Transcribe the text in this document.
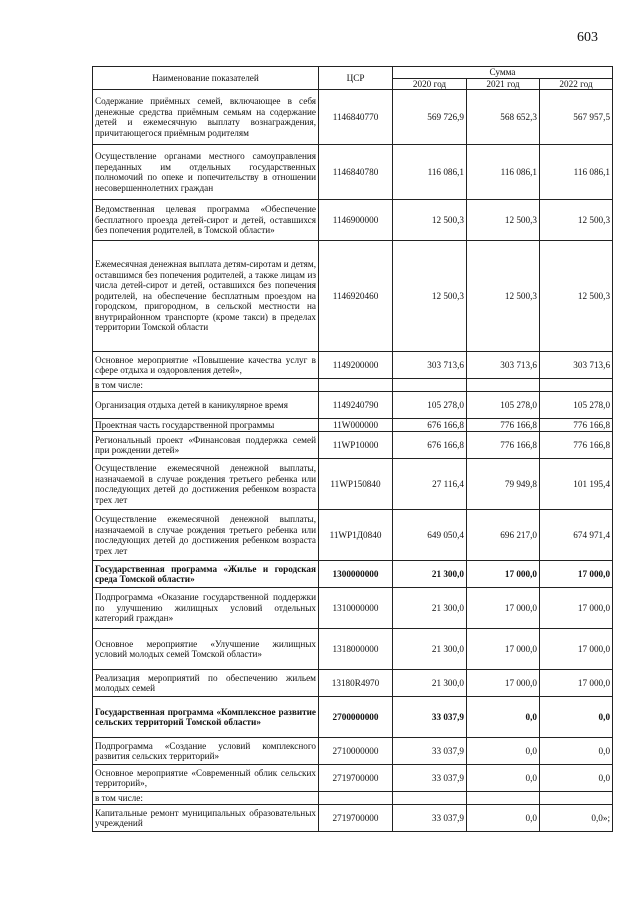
603
Наименование показателей	ЦСР	Сумма		
		2020 год	2021 год	2022 год
Содержание приёмных семей, включающее в себя денежные средства приёмным семьям на содержание детей и ежемесячную выплату вознаграждения, причитающегося приёмным родителям	1146840770	569 726,9	568 652,3	567 957,5
Осуществление органами местного самоуправления переданных им отдельных государственных полномочий по опеке и попечительству в отношении несовершеннолетних граждан	1146840780	116 086,1	116 086,1	116 086,1
Ведомственная целевая программа «Обеспечение бесплатного проезда детей-сирот и детей, оставшихся без попечения родителей, в Томской области»	1146900000	12 500,3	12 500,3	12 500,3
Ежемесячная денежная выплата детям-сиротам и детям, оставшимся без попечения родителей, а также лицам из числа детей-сирот и детей, оставшихся без попечения родителей, на обеспечение бесплатным проездом на городском, пригородном, в сельской местности на внутрирайонном транспорте (кроме такси) в пределах территории Томской области	1146920460	12 500,3	12 500,3	12 500,3
Основное мероприятие «Повышение качества услуг в сфере отдыха и оздоровления детей»,	1149200000	303 713,6	303 713,6	303 713,6
в том числе:				
Организация отдыха детей в каникулярное время	1149240790	105 278,0	105 278,0	105 278,0
Проектная часть государственной программы	11W000000	676 166,8	776 166,8	776 166,8
Региональный проект «Финансовая поддержка семей при рождении детей»	11WP10000	676 166,8	776 166,8	776 166,8
Осуществление ежемесячной денежной выплаты, назначаемой в случае рождения третьего ребенка или последующих детей до достижения ребенком возраста трех лет	11WP150840	27 116,4	79 949,8	101 195,4
Осуществление ежемесячной денежной выплаты, назначаемой в случае рождения третьего ребенка или последующих детей до достижения ребенком возраста трех лет	11WP1Д0840	649 050,4	696 217,0	674 971,4
Государственная программа «Жилье и городская среда Томской области»	1300000000	21 300,0	17 000,0	17 000,0
Подпрограмма «Оказание государственной поддержки по улучшению жилищных условий отдельных категорий граждан»	1310000000	21 300,0	17 000,0	17 000,0
Основное мероприятие «Улучшение жилищных условий молодых семей Томской области»	1318000000	21 300,0	17 000,0	17 000,0
Реализация мероприятий по обеспечению жильем молодых семей	13180R4970	21 300,0	17 000,0	17 000,0
Государственная программа «Комплексное развитие сельских территорий Томской области»	2700000000	33 037,9	0,0	0,0
Подпрограмма «Создание условий комплексного развития сельских территорий»	2710000000	33 037,9	0,0	0,0
Основное мероприятие «Современный облик сельских территорий»,	2719700000	33 037,9	0,0	0,0
в том числе:				
Капитальные ремонт муниципальных образовательных учреждений	2719700000	33 037,9	0,0	0,0»;
